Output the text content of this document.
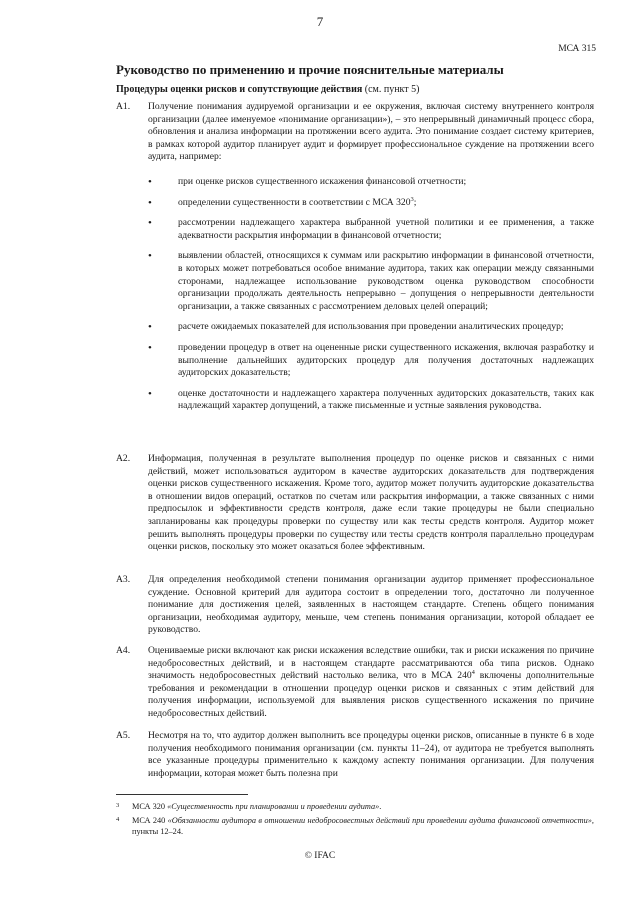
7
МСА 315
Руководство по применению и прочие пояснительные материалы
Процедуры оценки рисков и сопутствующие действия (см. пункт 5)
A1. Получение понимания аудируемой организации и ее окружения, включая систему внутреннего контроля организации (далее именуемое «понимание организации»), – это непрерывный динамичный процесс сбора, обновления и анализа информации на протяжении всего аудита. Это понимание создает систему критериев, в рамках которой аудитор планирует аудит и формирует профессиональное суждение на протяжении всего аудита, например:
• при оценке рисков существенного искажения финансовой отчетности;
• определении существенности в соответствии с МСА $320^3$;
• рассмотрении надлежащего характера выбранной учетной политики и ее применения, а также адекватности раскрытия информации в финансовой отчетности;
• выявлении областей, относящихся к суммам или раскрытию информации в финансовой отчетности, в которых может потребоваться особое внимание аудитора, таких как операции между связанными сторонами, надлежащее использование руководством оценка руководством способности организации продолжать деятельность непрерывно – допущения о непрерывности деятельности организации, а также связанных с рассмотрением деловых целей операций;
• расчете ожидаемых показателей для использования при проведении аналитических процедур;
• проведении процедур в ответ на оцененные риски существенного искажения, включая разработку и выполнение дальнейших аудиторских процедур для получения достаточных надлежащих аудиторских доказательств;
• оценке достаточности и надлежащего характера полученных аудиторских доказательств, таких как надлежащий характер допущений, а также письменные и устные заявления руководства.
A2. Информация, полученная в результате выполнения процедур по оценке рисков и связанных с ними действий, может использоваться аудитором в качестве аудиторских доказательств для подтверждения оценки рисков существенного искажения. Кроме того, аудитор может получить аудиторские доказательства в отношении видов операций, остатков по счетам или раскрытия информации, а также связанных с ними предпосылок и эффективности средств контроля, даже если такие процедуры не были специально запланированы как процедуры проверки по существу или как тесты средств контроля. Аудитор может решить выполнять процедуры проверки по существу или тесты средств контроля параллельно процедурам оценки рисков, поскольку это может оказаться более эффективным.
A3. Для определения необходимой степени понимания организации аудитор применяет профессиональное суждение. Основной критерий для аудитора состоит в определении того, достаточно ли полученное понимание для достижения целей, заявленных в настоящем стандарте. Степень общего понимания организации, необходимая аудитору, меньше, чем степень понимания организации, которой обладает ее руководство.
A4. Оцениваемые риски включают как риски искажения вследствие ошибки, так и риски искажения по причине недобросовестных действий, и в настоящем стандарте рассматриваются оба типа рисков. Однако значимость недобросовестных действий настолько велика, что в МСА $240^4$ включены дополнительные требования и рекомендации в отношении процедур оценки рисков и связанных с этим действий для получения информации, используемой для выявления рисков существенного искажения по причине недобросовестных действий.
A5. Несмотря на то, что аудитор должен выполнить все процедуры оценки рисков, описанные в пункте 6 в ходе получения необходимого понимания организации (см. пункты 11–24), от аудитора не требуется выполнять все указанные процедуры применительно к каждому аспекту понимания организации. Для получения информации, которая может быть полезна при
3 МСА 320 «Существенность при планировании и проведении аудита».
4 МСА 240 «Обязанности аудитора в отношении недобросовестных действий при проведении аудита финансовой отчетности», пункты 12–24.
© IFAC
